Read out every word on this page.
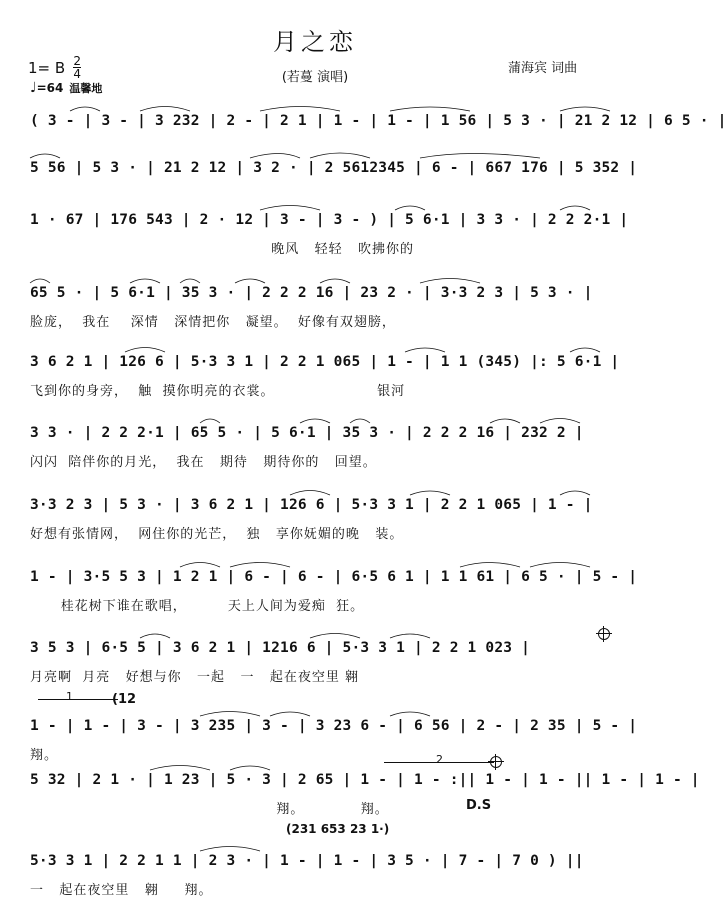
月之恋
(若蔓 演唱)
蒲海宾 词曲
1= B $\frac{2}{4}$
♩=64 温馨地
( 3 - | 3 - | 3 232 | 2 - | 2 1 | 1 - | 1 - | 1 56 | 5 3 · | 21 2 12 | 6 5 · |
5 56 | 5 3 · | 21 2 12 | 3 2 · | 2 5612345 | 6 - | 667 176 | 5 352 |
1 · 67 | 176 543 | 2 · 12 | 3 - | 3 - ) | 5 6·1 | 3 3 · | 2 2 2·1 |
晚风   轻轻   吹拂你的
65 5 · | 5 6·1 | 35 3 · | 2 2 2 16 | 23 2 · | 3·3 2 3 | 5 3 · |
脸庞，  我在    深情   深情把你   凝望。  好像有双翅膀，
3 6 2 1 | 126 6 | 5·3 3 1 | 2 2 1 065 | 1 - | 1 1 (345) |: 5 6·1 |
飞到你的身旁，  触  摸你明亮的衣裳。                    银河
3 3 · | 2 2 2·1 | 65 5 · | 5 6·1 | 35 3 · | 2 2 2 16 | 232 2 |
闪闪  陪伴你的月光，  我在   期待   期待你的   回望。
3·3 2 3 | 5 3 · | 3 6 2 1 | 126 6 | 5·3 3 1 | 2 2 1 065 | 1 - |
好想有张情网，  网住你的光芒，  独   享你妩媚的晚   装。
1 - | 3·5 5 3 | 1 2 1 | 6 - | 6 - | 6·5 6 1 | 1 1 61 | 6 5 · | 5 - |
桂花树下谁在歌唱，        天上人间为爱痴  狂。
3 5 3 | 6·5 5 | 3 6 2 1 | 1216 6 | 5·3 3 1 | 2 2 1 023 |
月亮啊  月亮   好想与你   一起   一   起在夜空里 翱
1	(12
1 - | 1 - | 3 - | 3 235 | 3 - | 3 23 6 - | 6 56 | 2 - | 2 35 | 5 - |
翔。	2
5 32 | 2 1 · | 1 23 | 5 · 3 | 2 65 | 1 - | 1 - :|| 1 - | 1 - || 1 - | 1 - |
翔。           翔。	D.S
(231 653 23 1·)
5·3 3 1 | 2 2 1 1 | 2 3 · | 1 - | 1 - | 3 5 · | 7 - | 7 0 ) ||
一   起在夜空里   翱     翔。
